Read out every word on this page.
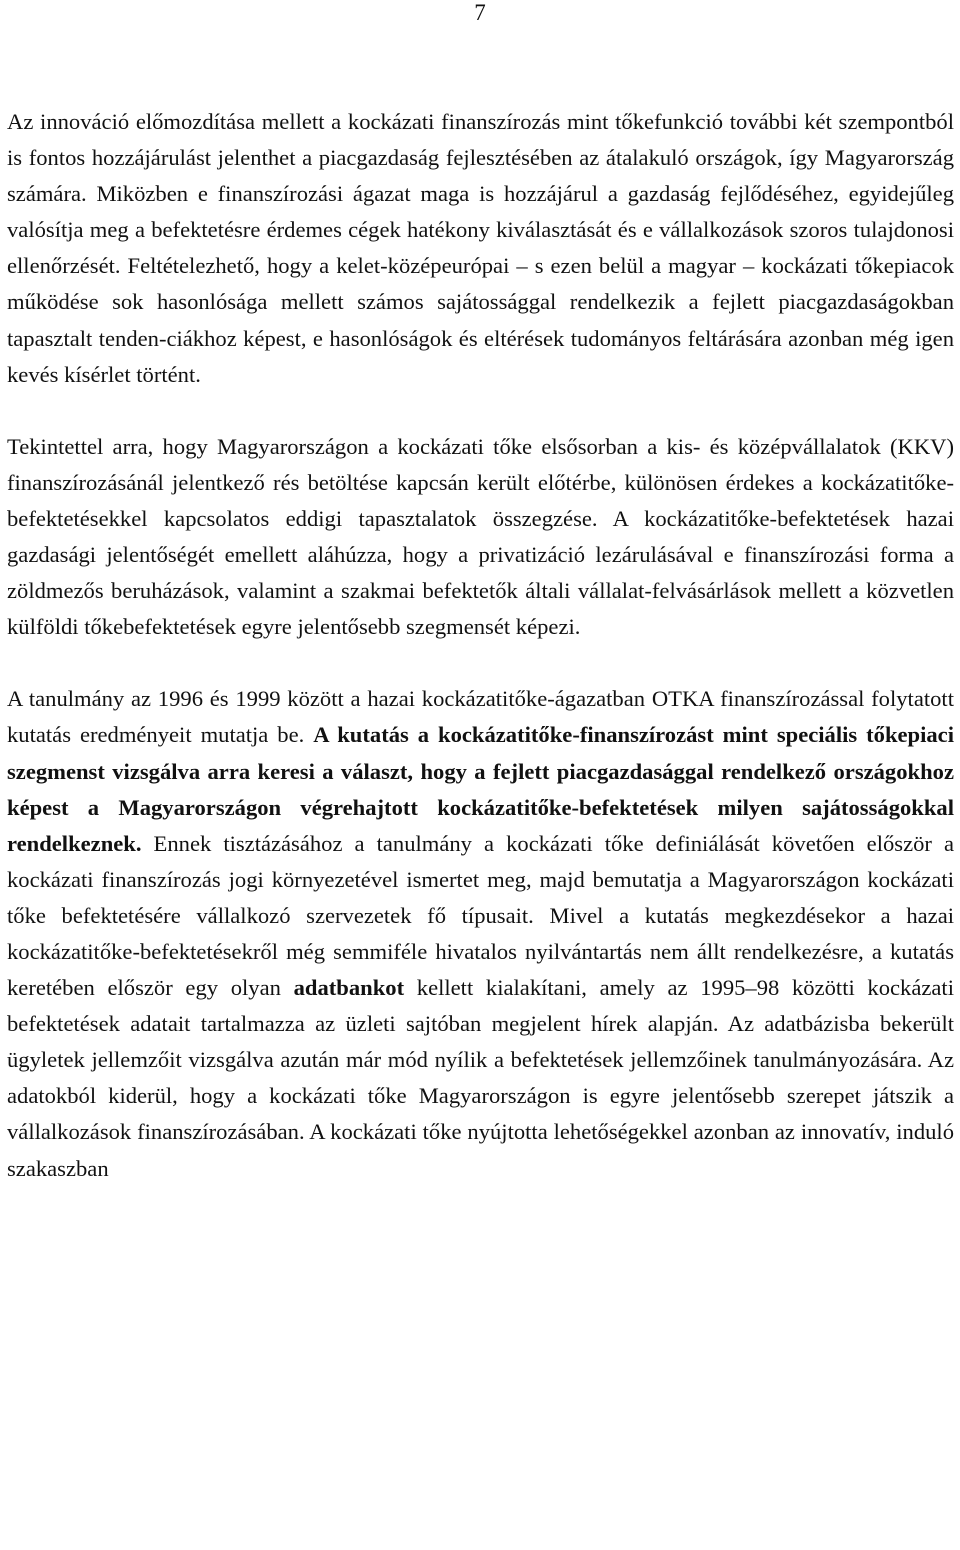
7

Az innováció előmozdítása mellett a kockázati finanszírozás mint tőkefunkció további két szempontból is fontos hozzájárulást jelenthet a piacgazdaság fejlesztésében az átalakuló országok, így Magyarország számára. Miközben e finanszírozási ágazat maga is hozzájárul a gazdaság fejlődéséhez, egyidejűleg valósítja meg a befektetésre érdemes cégek hatékony kiválasztását és e vállalkozások szoros tulajdonosi ellenőrzését. Feltételezhető, hogy a kelet-középeurópai – s ezen belül a magyar – kockázati tőkepiacok működése sok hasonlósága mellett számos sajátossággal rendelkezik a fejlett piacgazdaságokban tapasztalt tenden-ciákhoz képest, e hasonlóságok és eltérések tudományos feltárására azonban még igen kevés kísérlet történt.

Tekintettel arra, hogy Magyarországon a kockázati tőke elsősorban a kis- és középvállalatok (KKV) finanszírozásánál jelentkező rés betöltése kapcsán került előtérbe, különösen érdekes a kockázatitőke-befektetésekkel kapcsolatos eddigi tapasztalatok összegzése. A kockázatitőke-befektetések hazai gazdasági jelentőségét emellett aláhúzza, hogy a privatizáció lezárulásával e finanszírozási forma a zöldmezős beruházások, valamint a szakmai befektetők általi vállalat-felvásárlások mellett a közvetlen külföldi tőkebefektetések egyre jelentősebb szegmensét képezi.

A tanulmány az 1996 és 1999 között a hazai kockázatitőke-ágazatban OTKA finanszírozással folytatott kutatás eredményeit mutatja be. A kutatás a kockázatitőke-finanszírozást mint speciális tőkepiaci szegmenst vizsgálva arra keresi a választ, hogy a fejlett piacgazdasággal rendelkező országokhoz képest a Magyarországon végrehajtott kockázatitőke-befektetések milyen sajátosságokkal rendelkeznek. Ennek tisztázásához a tanulmány a kockázati tőke definiálását követően először a kockázati finanszírozás jogi környezetével ismertet meg, majd bemutatja a Magyarországon kockázati tőke befektetésére vállalkozó szervezetek fő típusait. Mivel a kutatás megkezdésekor a hazai kockázatitőke-befektetésekről még semmiféle hivatalos nyilvántartás nem állt rendelkezésre, a kutatás keretében először egy olyan adatbankot kellett kialakítani, amely az 1995–98 közötti kockázati befektetések adatait tartalmazza az üzleti sajtóban megjelent hírek alapján. Az adatbázisba bekerült ügyletek jellemzőit vizsgálva azután már mód nyílik a befektetések jellemzőinek tanulmányozására. Az adatokból kiderül, hogy a kockázati tőke Magyarországon is egyre jelentősebb szerepet játszik a vállalkozások finanszírozásában. A kockázati tőke nyújtotta lehetőségekkel azonban az innovatív, induló szakaszban
